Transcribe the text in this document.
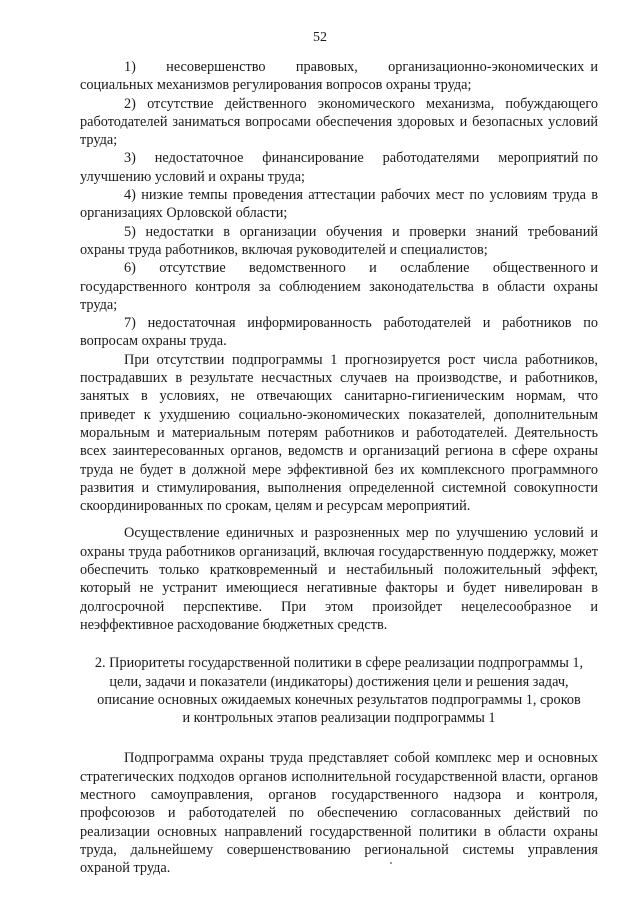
52

1)     несовершенство     правовых,     организационно-экономических и социальных механизмов регулирования вопросов охраны труда;

2) отсутствие действенного экономического механизма, побуждающего работодателей заниматься вопросами обеспечения здоровых и безопасных условий труда;

3)    недостаточное    финансирование    работодателями    мероприятий по улучшению условий и охраны труда;

4) низкие темпы проведения аттестации рабочих мест по условиям труда в организациях Орловской области;

5) недостатки в организации обучения и проверки знаний требований охраны труда работников, включая руководителей и специалистов;

6)     отсутствие     ведомственного     и     ослабление     общественного и государственного контроля за соблюдением законодательства в области охраны труда;

7) недостаточная информированность работодателей и работников по вопросам охраны труда.

При отсутствии подпрограммы 1 прогнозируется рост числа работников, пострадавших в результате несчастных случаев на производстве, и работников, занятых в условиях, не отвечающих санитарно-гигиеническим нормам, что приведет к ухудшению социально-экономических показателей, дополнительным моральным и материальным потерям работников и работодателей. Деятельность всех заинтересованных органов, ведомств и организаций региона в сфере охраны труда не будет в должной мере эффективной без их комплексного программного развития и стимулирования, выполнения определенной системной совокупности скоординированных по срокам, целям и ресурсам мероприятий.

Осуществление единичных и разрозненных мер по улучшению условий и охраны труда работников организаций, включая государственную поддержку, может обеспечить только кратковременный и нестабильный положительный эффект, который не устранит имеющиеся негативные факторы и будет нивелирован в долгосрочной перспективе. При этом произойдет нецелесообразное и неэффективное расходование бюджетных средств.

2. Приоритеты государственной политики в сфере реализации подпрограммы 1,
цели, задачи и показатели (индикаторы) достижения цели и решения задач,
описание основных ожидаемых конечных результатов подпрограммы 1, сроков
и контрольных этапов реализации подпрограммы 1

Подпрограмма охраны труда представляет собой комплекс мер и основных стратегических подходов органов исполнительной государственной власти, органов местного самоуправления, органов государственного надзора и контроля, профсоюзов и работодателей по обеспечению согласованных действий по реализации основных направлений государственной политики в области охраны труда, дальнейшему совершенствованию региональной системы управления охраной труда.
